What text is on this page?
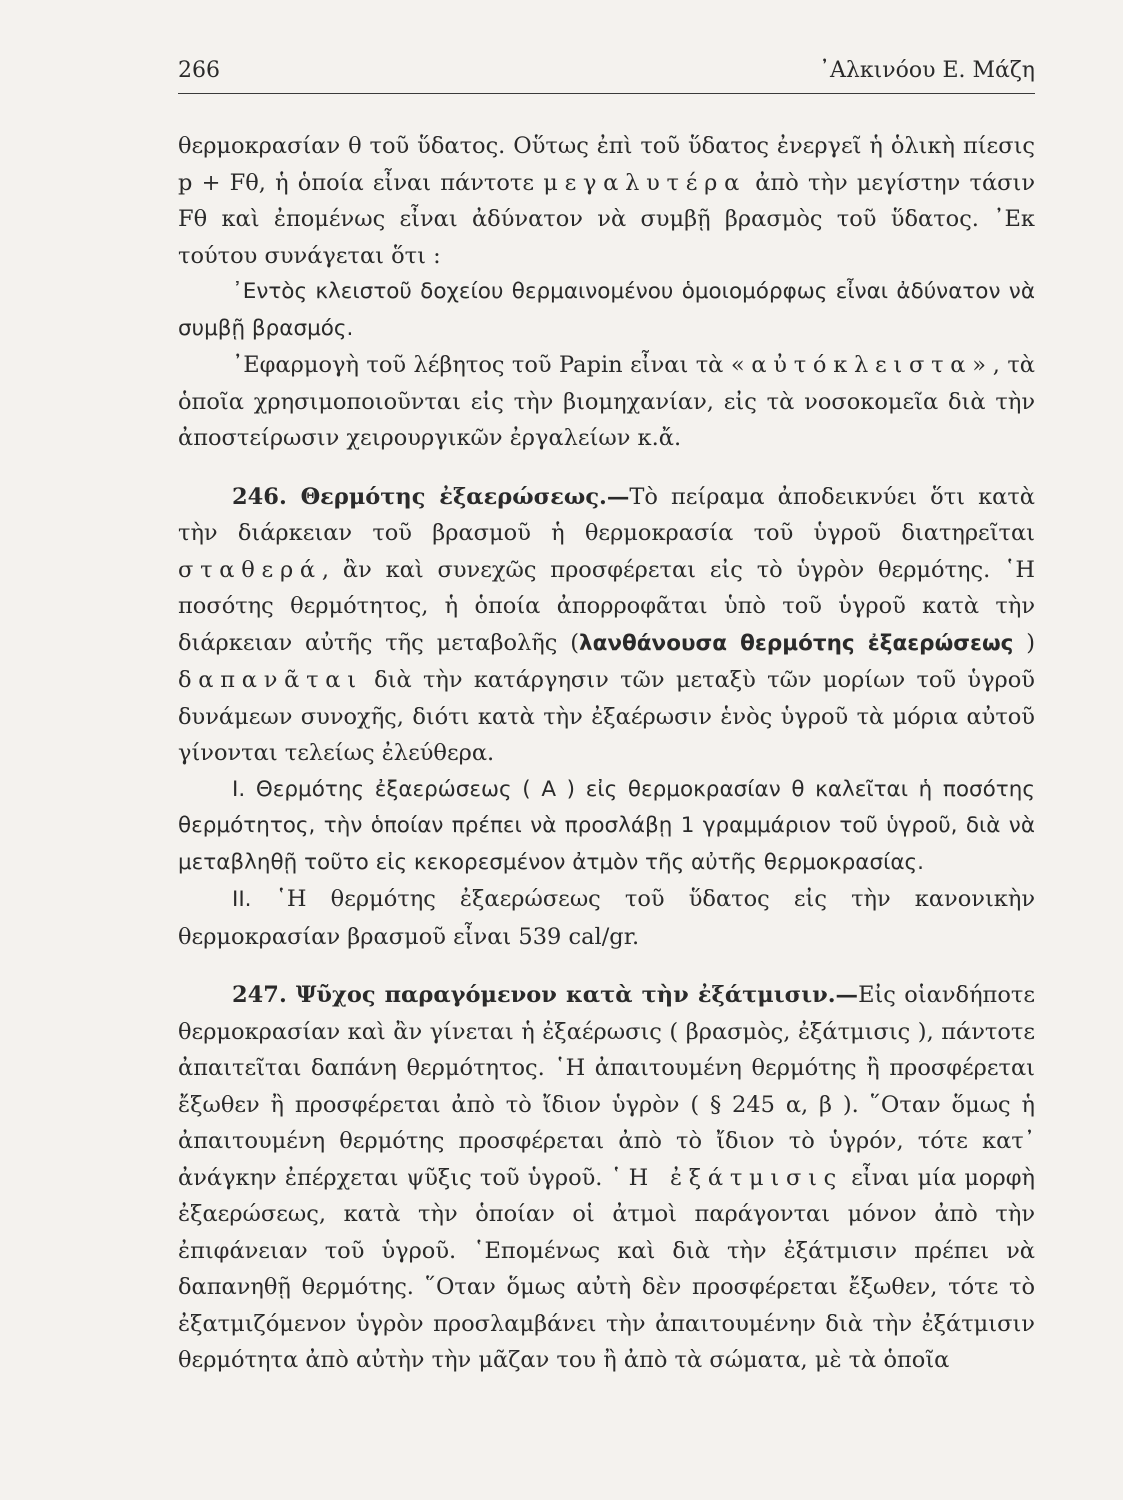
266	᾿Αλκινόου Ε. Μάζη

θερμοκρασίαν θ τοῦ ὕδατος. Οὕτως ἐπὶ τοῦ ὕδατος ἐνεργεῖ ἡ ὁλικὴ πίεσις p + Fθ, ἡ ὁποία εἶναι πάντοτε μεγαλυτέρα ἀπὸ τὴν μεγίστην τάσιν Fθ καὶ ἐπομένως εἶναι ἀδύνατον νὰ συμβῇ βρασμὸς τοῦ ὕδατος. ᾿Εκ τούτου συνάγεται ὅτι :

᾿Εντὸς κλειστοῦ δοχείου θερμαινομένου ὁμοιομόρφως εἶναι ἀδύνατον νὰ συμβῇ βρασμός.

᾿Εφαρμογὴ τοῦ λέβητος τοῦ Papin εἶναι τὰ «αὐτόκλειστα», τὰ ὁποῖα χρησιμοποιοῦνται εἰς τὴν βιομηχανίαν, εἰς τὰ νοσοκομεῖα διὰ τὴν ἀποστείρωσιν χειρουργικῶν ἐργαλείων κ.ἄ.

246. Θερμότης ἐξαερώσεως.—Τὸ πείραμα ἀποδεικνύει ὅτι κατὰ τὴν διάρκειαν τοῦ βρασμοῦ ἡ θερμοκρασία τοῦ ὑγροῦ διατηρεῖται σταθερά, ἂν καὶ συνεχῶς προσφέρεται εἰς τὸ ὑγρὸν θερμότης. ῾Η ποσότης θερμότητος, ἡ ὁποία ἀπορροφᾶται ὑπὸ τοῦ ὑγροῦ κατὰ τὴν διάρκειαν αὐτῆς τῆς μεταβολῆς (λανθάνουσα θερμότης ἐξαερώσεως ) δαπανᾶται διὰ τὴν κατάργησιν τῶν μεταξὺ τῶν μορίων τοῦ ὑγροῦ δυνάμεων συνοχῆς, διότι κατὰ τὴν ἐξαέρωσιν ἑνὸς ὑγροῦ τὰ μόρια αὐτοῦ γίνονται τελείως ἐλεύθερα.

I. Θερμότης ἐξαερώσεως ( Α ) εἰς θερμοκρασίαν θ καλεῖται ἡ ποσότης θερμότητος, τὴν ὁποίαν πρέπει νὰ προσλάβῃ 1 γραμμάριον τοῦ ὑγροῦ, διὰ νὰ μεταβληθῇ τοῦτο εἰς κεκορεσμένον ἀτμὸν τῆς αὐτῆς θερμοκρασίας.

II. ῾Η θερμότης ἐξαερώσεως τοῦ ὕδατος εἰς τὴν κανονικὴν θερμοκρασίαν βρασμοῦ εἶναι 539 cal/gr.

247. Ψῦχος παραγόμενον κατὰ τὴν ἐξάτμισιν.—Εἰς οἱανδήποτε θερμοκρασίαν καὶ ἂν γίνεται ἡ ἐξαέρωσις ( βρασμὸς, ἐξάτμισις ), πάντοτε ἀπαιτεῖται δαπάνη θερμότητος. ῾Η ἀπαιτουμένη θερμότης ἢ προσφέρεται ἔξωθεν ἢ προσφέρεται ἀπὸ τὸ ἴδιον ὑγρὸν ( § 245 α, β ). ῞Οταν ὅμως ἡ ἀπαιτουμένη θερμότης προσφέρεται ἀπὸ τὸ ἴδιον τὸ ὑγρόν, τότε κατ᾿ ἀνάγκην ἐπέρχεται ψῦξις τοῦ ὑγροῦ. ῾Η ἐξάτμισις εἶναι μία μορφὴ ἐξαερώσεως, κατὰ τὴν ὁποίαν οἱ ἀτμοὶ παράγονται μόνον ἀπὸ τὴν ἐπιφάνειαν τοῦ ὑγροῦ. ῾Επομένως καὶ διὰ τὴν ἐξάτμισιν πρέπει νὰ δαπανηθῇ θερμότης. ῞Οταν ὅμως αὐτὴ δὲν προσφέρεται ἔξωθεν, τότε τὸ ἐξατμιζόμενον ὑγρὸν προσλαμβάνει τὴν ἀπαιτουμένην διὰ τὴν ἐξάτμισιν θερμότητα ἀπὸ αὐτὴν τὴν μᾶζαν του ἢ ἀπὸ τὰ σώματα, μὲ τὰ ὁποῖα
